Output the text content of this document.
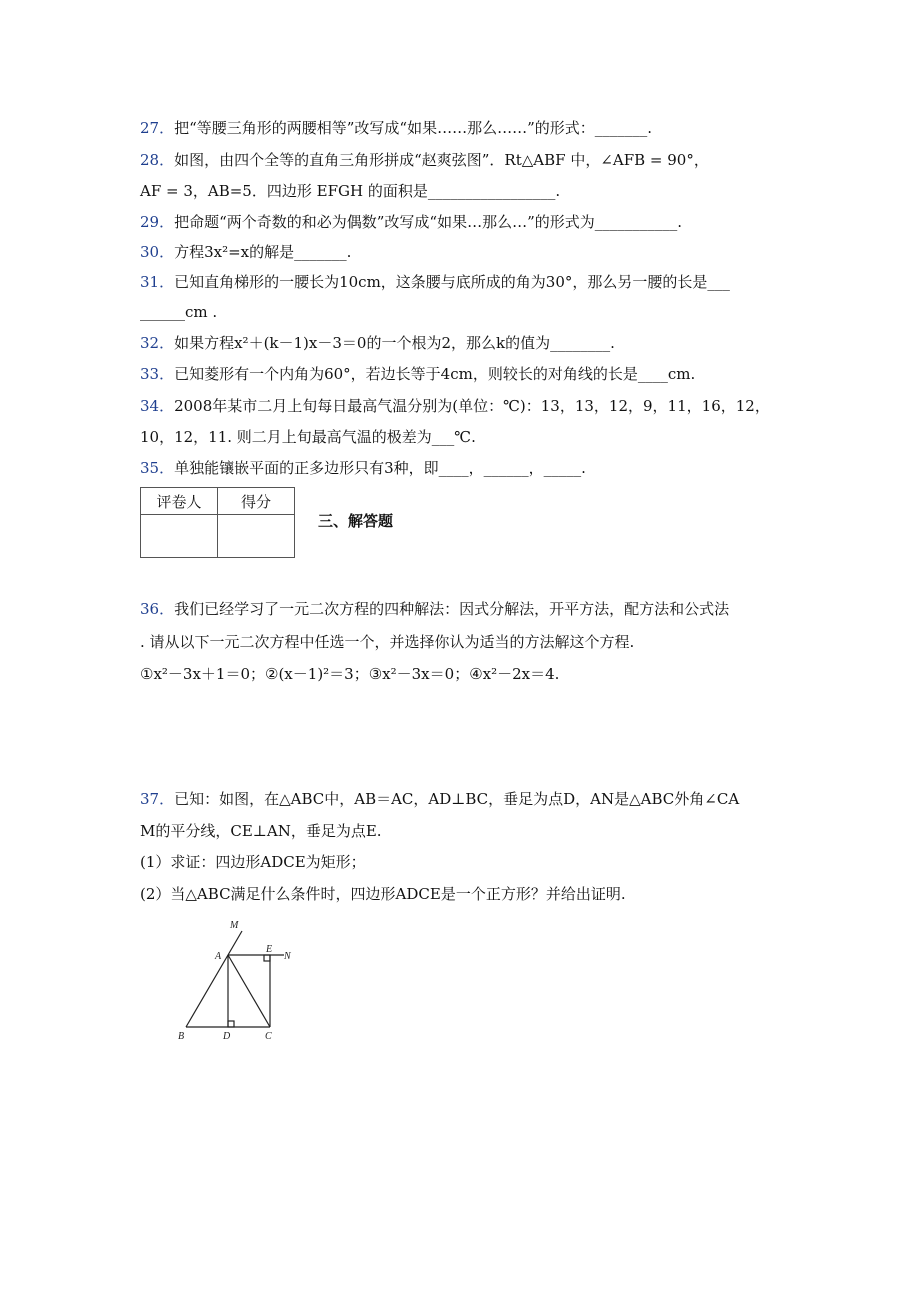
27．把“等腰三角形的两腰相等”改写成“如果……那么……”的形式：_______.
28．如图，由四个全等的直角三角形拼成“赵爽弦图”．Rt△ABF 中，∠AFB = 90°，
AF = 3，AB=5．四边形 EFGH 的面积是_________________.
29．把命题“两个奇数的和必为偶数”改写成“如果…那么…”的形式为___________.
30．方程3x²=x的解是_______.
31．已知直角梯形的一腰长为10cm，这条腰与底所成的角为30°，那么另一腰的长是___
______cm .
32．如果方程x²＋(k－1)x－3＝0的一个根为2，那么k的值为________.
33．已知菱形有一个内角为60°，若边长等于4cm，则较长的对角线的长是____cm.
34．2008年某市二月上旬每日最高气温分别为(单位：℃)：13，13，12，9，11，16，12，
10，12，11. 则二月上旬最高气温的极差为___℃.
35．单独能镶嵌平面的正多边形只有3种，即____，______，_____.
评卷人	得分

三、解答题
36．我们已经学习了一元二次方程的四种解法：因式分解法，开平方法，配方法和公式法
. 请从以下一元二次方程中任选一个，并选择你认为适当的方法解这个方程.
①x²－3x＋1＝0；②(x－1)²＝3；③x²－3x＝0；④x²－2x＝4.
37．已知：如图，在△ABC中，AB＝AC，AD⊥BC，垂足为点D，AN是△ABC外角∠CA
M的平分线，CE⊥AN，垂足为点E.
(1）求证：四边形ADCE为矩形；
(2）当△ABC满足什么条件时，四边形ADCE是一个正方形？并给出证明.
M
A
E
N
B	D	C
